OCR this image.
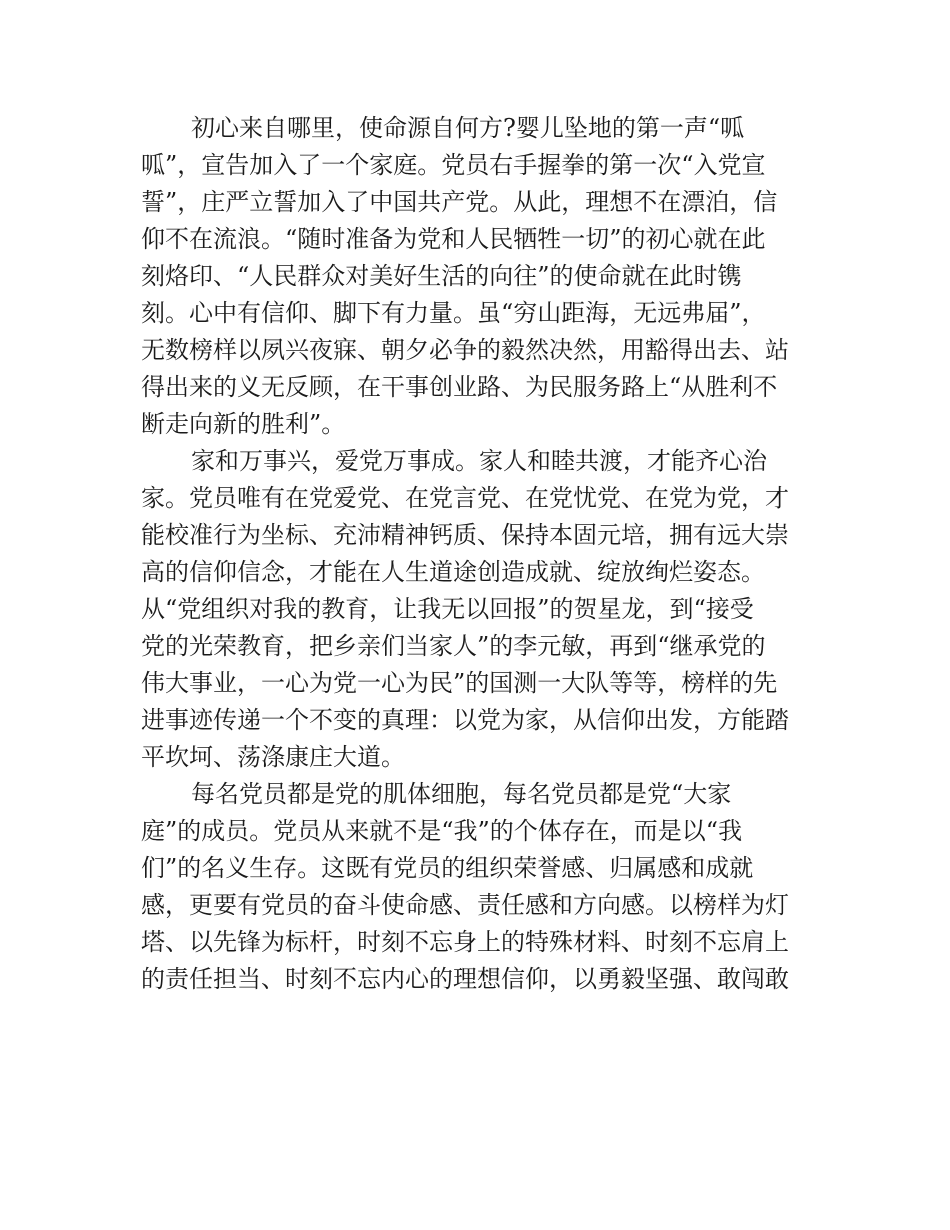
初心来自哪里，使命源自何方?婴儿坠地的第一声“呱
呱”，宣告加入了一个家庭。党员右手握拳的第一次“入党宣
誓”，庄严立誓加入了中国共产党。从此，理想不在漂泊，信
仰不在流浪。“随时准备为党和人民牺牲一切”的初心就在此
刻烙印、“人民群众对美好生活的向往”的使命就在此时镌
刻。心中有信仰、脚下有力量。虽“穷山距海，无远弗届”，
无数榜样以夙兴夜寐、朝夕必争的毅然决然，用豁得出去、站
得出来的义无反顾，在干事创业路、为民服务路上“从胜利不
断走向新的胜利”。
家和万事兴，爱党万事成。家人和睦共渡，才能齐心治
家。党员唯有在党爱党、在党言党、在党忧党、在党为党，才
能校准行为坐标、充沛精神钙质、保持本固元培，拥有远大崇
高的信仰信念，才能在人生道途创造成就、绽放绚烂姿态。
从“党组织对我的教育，让我无以回报”的贺星龙，到“接受
党的光荣教育，把乡亲们当家人”的李元敏，再到“继承党的
伟大事业，一心为党一心为民”的国测一大队等等，榜样的先
进事迹传递一个不变的真理：以党为家，从信仰出发，方能踏
平坎坷、荡涤康庄大道。
每名党员都是党的肌体细胞，每名党员都是党“大家
庭”的成员。党员从来就不是“我”的个体存在，而是以“我
们”的名义生存。这既有党员的组织荣誉感、归属感和成就
感，更要有党员的奋斗使命感、责任感和方向感。以榜样为灯
塔、以先锋为标杆，时刻不忘身上的特殊材料、时刻不忘肩上
的责任担当、时刻不忘内心的理想信仰，以勇毅坚强、敢闯敢
